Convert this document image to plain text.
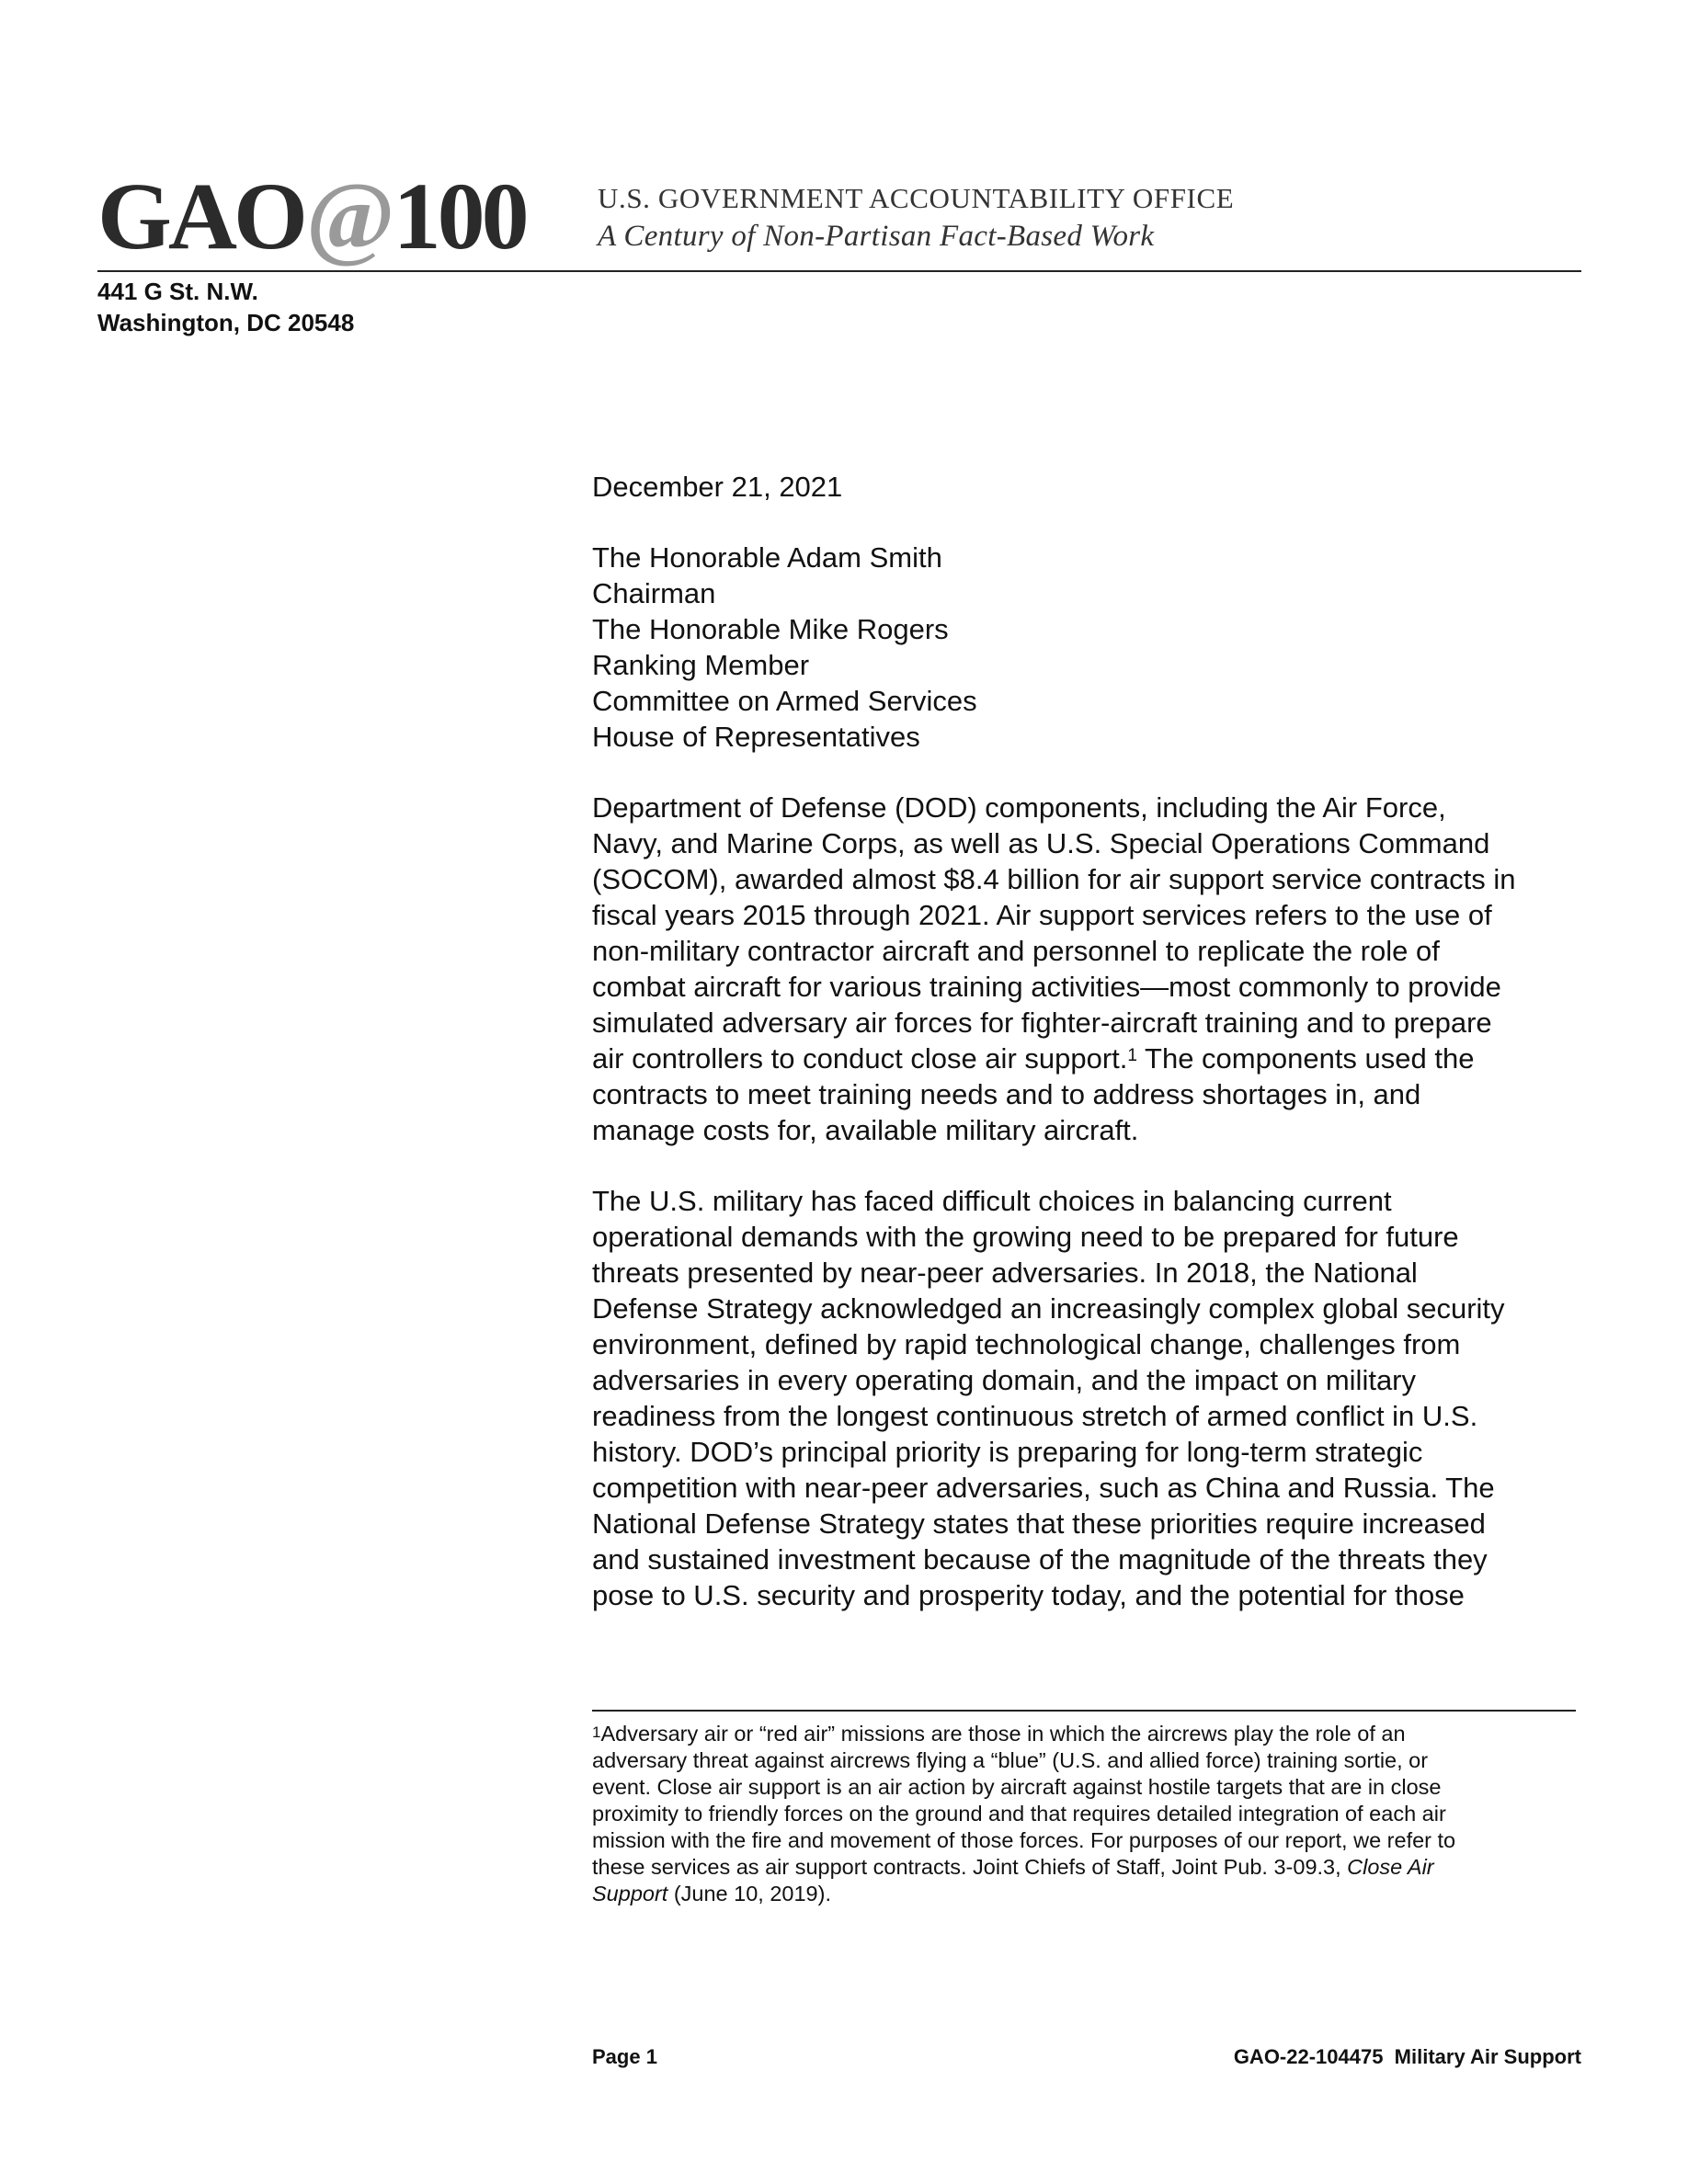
GAO @ 100	U.S. GOVERNMENT ACCOUNTABILITY OFFICE
A Century of Non-Partisan Fact-Based Work
441 G St. N.W.
Washington, DC 20548
December 21, 2021
The Honorable Adam Smith
Chairman
The Honorable Mike Rogers
Ranking Member
Committee on Armed Services
House of Representatives
Department of Defense (DOD) components, including the Air Force,
Navy, and Marine Corps, as well as U.S. Special Operations Command
(SOCOM), awarded almost $8.4 billion for air support service contracts in
fiscal years 2015 through 2021. Air support services refers to the use of
non-military contractor aircraft and personnel to replicate the role of
combat aircraft for various training activities—most commonly to provide
simulated adversary air forces for fighter-aircraft training and to prepare
air controllers to conduct close air support.$^1$ The components used the
contracts to meet training needs and to address shortages in, and
manage costs for, available military aircraft.
The U.S. military has faced difficult choices in balancing current
operational demands with the growing need to be prepared for future
threats presented by near-peer adversaries. In 2018, the National
Defense Strategy acknowledged an increasingly complex global security
environment, defined by rapid technological change, challenges from
adversaries in every operating domain, and the impact on military
readiness from the longest continuous stretch of armed conflict in U.S.
history. DOD’s principal priority is preparing for long-term strategic
competition with near-peer adversaries, such as China and Russia. The
National Defense Strategy states that these priorities require increased
and sustained investment because of the magnitude of the threats they
pose to U.S. security and prosperity today, and the potential for those
$^1$Adversary air or “red air” missions are those in which the aircrews play the role of an
adversary threat against aircrews flying a “blue” (U.S. and allied force) training sortie, or
event. Close air support is an air action by aircraft against hostile targets that are in close
proximity to friendly forces on the ground and that requires detailed integration of each air
mission with the fire and movement of those forces. For purposes of our report, we refer to
these services as air support contracts. Joint Chiefs of Staff, Joint Pub. 3-09.3, Close Air
Support (June 10, 2019).
Page 1	GAO-22-104475  Military Air Support
